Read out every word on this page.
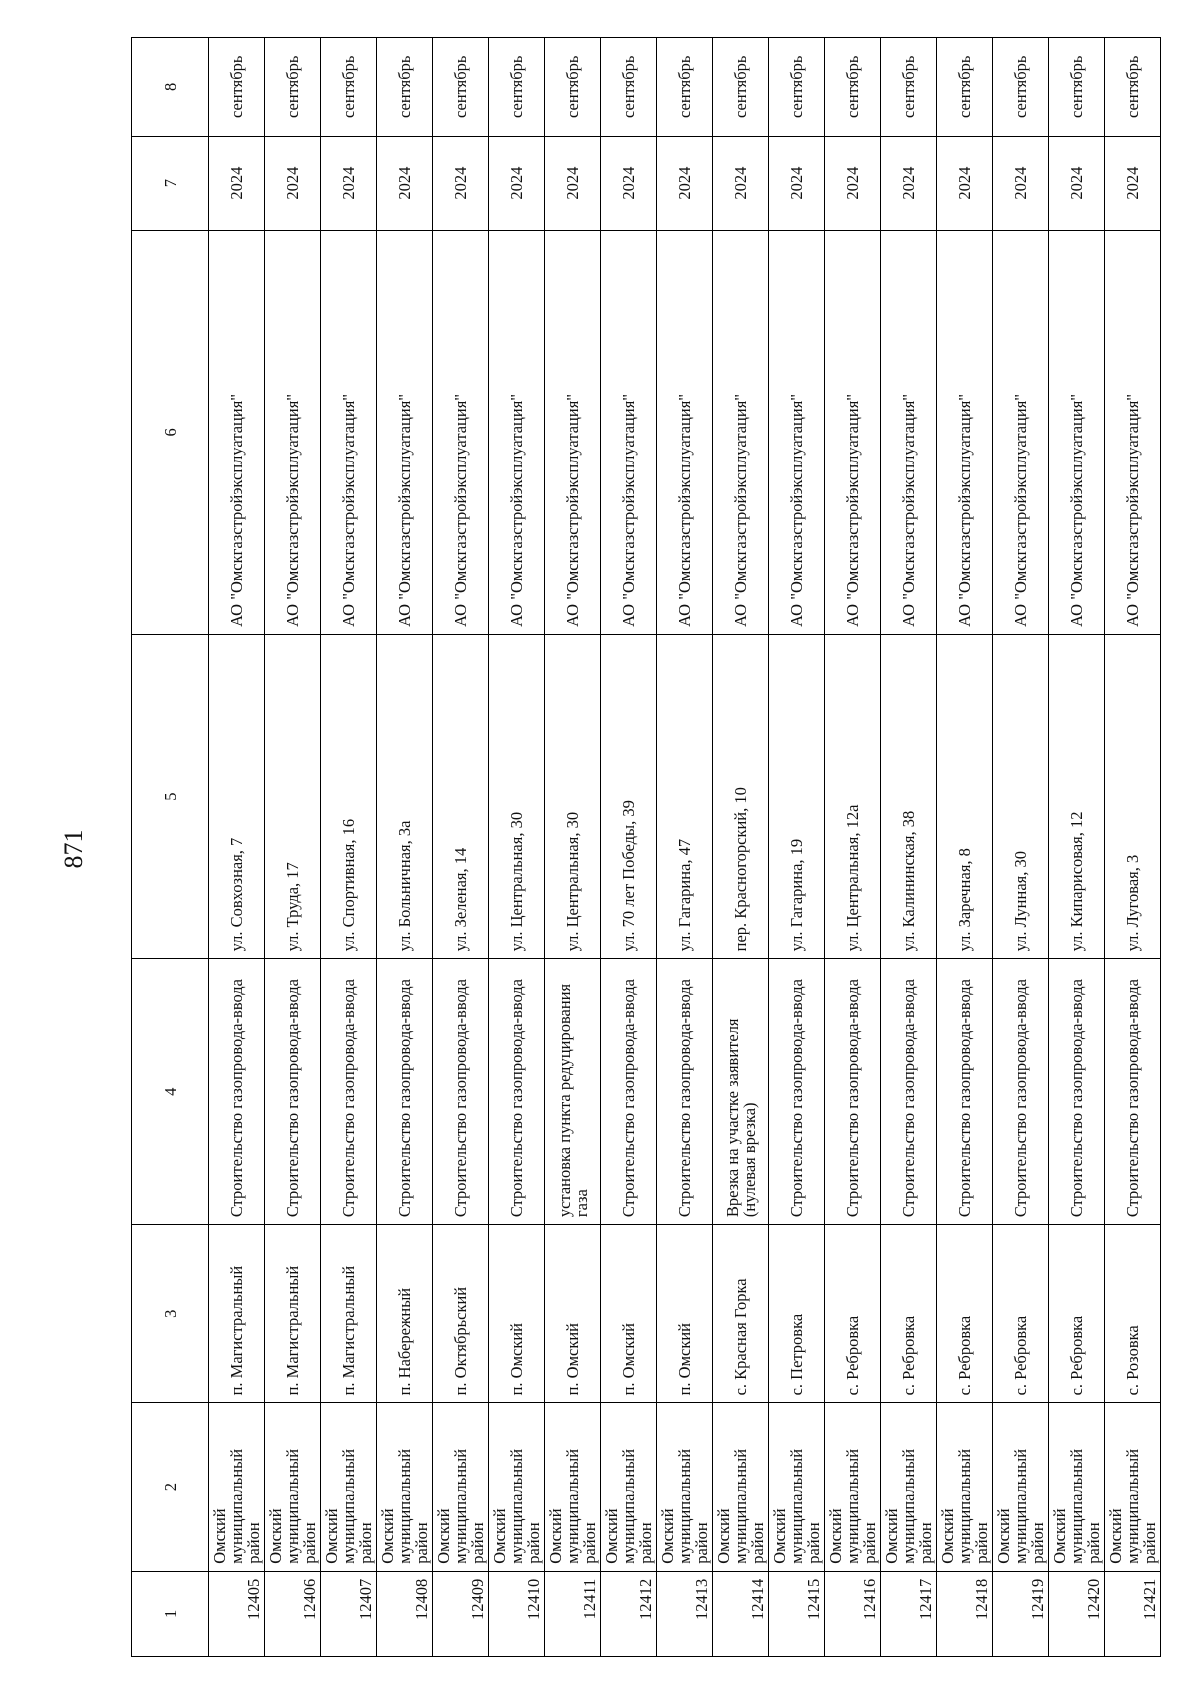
871
1	2	3	4	5	6	7	8
12405	Омский муниципальный район	п. Магистральный	Строительство газопровода-ввода	ул. Совхозная, 7	АО "Омскгазстройэксплуатация"	2024	сентябрь
12406	Омский муниципальный район	п. Магистральный	Строительство газопровода-ввода	ул. Труда, 17	АО "Омскгазстройэксплуатация"	2024	сентябрь
12407	Омский муниципальный район	п. Магистральный	Строительство газопровода-ввода	ул. Спортивная, 16	АО "Омскгазстройэксплуатация"	2024	сентябрь
12408	Омский муниципальный район	п. Набережный	Строительство газопровода-ввода	ул. Больничная, 3а	АО "Омскгазстройэксплуатация"	2024	сентябрь
12409	Омский муниципальный район	п. Октябрьский	Строительство газопровода-ввода	ул. Зеленая, 14	АО "Омскгазстройэксплуатация"	2024	сентябрь
12410	Омский муниципальный район	п. Омский	Строительство газопровода-ввода	ул. Центральная, 30	АО "Омскгазстройэксплуатация"	2024	сентябрь
12411	Омский муниципальный район	п. Омский	установка пункта редуцирования газа	ул. Центральная, 30	АО "Омскгазстройэксплуатация"	2024	сентябрь
12412	Омский муниципальный район	п. Омский	Строительство газопровода-ввода	ул. 70 лет Победы, 39	АО "Омскгазстройэксплуатация"	2024	сентябрь
12413	Омский муниципальный район	п. Омский	Строительство газопровода-ввода	ул. Гагарина, 47	АО "Омскгазстройэксплуатация"	2024	сентябрь
12414	Омский муниципальный район	с. Красная Горка	Врезка на участке заявителя (нулевая врезка)	пер. Красногорский, 10	АО "Омскгазстройэксплуатация"	2024	сентябрь
12415	Омский муниципальный район	с. Петровка	Строительство газопровода-ввода	ул. Гагарина, 19	АО "Омскгазстройэксплуатация"	2024	сентябрь
12416	Омский муниципальный район	с. Ребровка	Строительство газопровода-ввода	ул. Центральная, 12а	АО "Омскгазстройэксплуатация"	2024	сентябрь
12417	Омский муниципальный район	с. Ребровка	Строительство газопровода-ввода	ул. Калининская, 38	АО "Омскгазстройэксплуатация"	2024	сентябрь
12418	Омский муниципальный район	с. Ребровка	Строительство газопровода-ввода	ул. Заречная, 8	АО "Омскгазстройэксплуатация"	2024	сентябрь
12419	Омский муниципальный район	с. Ребровка	Строительство газопровода-ввода	ул. Лунная, 30	АО "Омскгазстройэксплуатация"	2024	сентябрь
12420	Омский муниципальный район	с. Ребровка	Строительство газопровода-ввода	ул. Кипарисовая, 12	АО "Омскгазстройэксплуатация"	2024	сентябрь
12421	Омский муниципальный район	с. Розовка	Строительство газопровода-ввода	ул. Луговая, 3	АО "Омскгазстройэксплуатация"	2024	сентябрь
